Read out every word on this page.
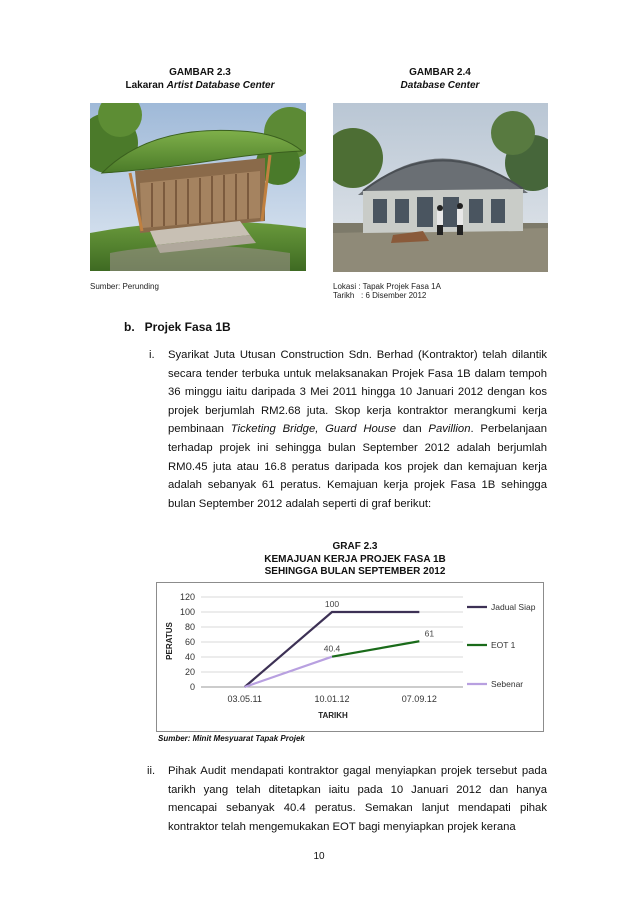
GAMBAR 2.3
Lakaran Artist Database Center
GAMBAR 2.4
Database Center
Sumber: Perunding	Lokasi : Tapak Projek Fasa 1A
Tarikh   : 6 Disember 2012
b.   Projek Fasa 1B
i. Syarikat Juta Utusan Construction Sdn. Berhad (Kontraktor) telah dilantik secara tender terbuka untuk melaksanakan Projek Fasa 1B dalam tempoh 36 minggu iaitu daripada 3 Mei 2011 hingga 10 Januari 2012 dengan kos projek berjumlah RM2.68 juta. Skop kerja kontraktor merangkumi kerja pembinaan Ticketing Bridge, Guard House dan Pavillion. Perbelanjaan terhadap projek ini sehingga bulan September 2012 adalah berjumlah RM0.45 juta atau 16.8 peratus daripada kos projek dan kemajuan kerja adalah sebanyak 61 peratus. Kemajuan kerja projek Fasa 1B sehingga bulan September 2012 adalah seperti di graf berikut:
GRAF 2.3
KEMAJUAN KERJA PROJEK FASA 1B
SEHINGGA BULAN SEPTEMBER 2012
0
20
40
60
80
100
120
03.05.11	10.01.12	07.09.12
100
61
40.4
Jadual Siap
EOT 1
Sebenar
PERATUS
TARIKH
Sumber: Minit Mesyuarat Tapak Projek
ii. Pihak Audit mendapati kontraktor gagal menyiapkan projek tersebut pada tarikh yang telah ditetapkan iaitu pada 10 Januari 2012 dan hanya mencapai sebanyak 40.4 peratus. Semakan lanjut mendapati pihak kontraktor telah mengemukakan EOT bagi menyiapkan projek kerana
10
